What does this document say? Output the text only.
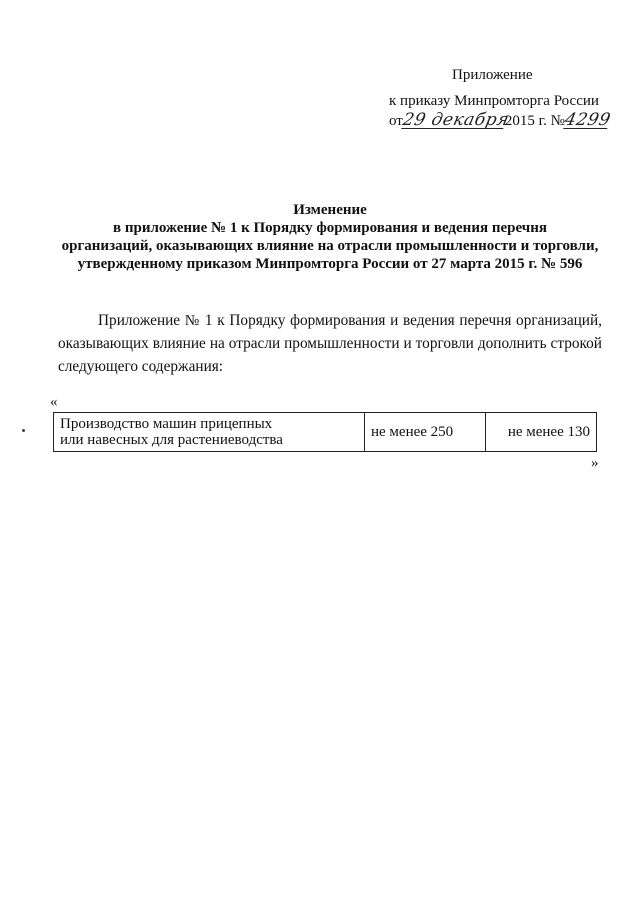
Приложение
к приказу Минпромторга России
от
29 декабря
2015 г. №
4299
Изменение
в приложение № 1 к Порядку формирования и ведения перечня
организаций, оказывающих влияние на отрасли промышленности и торговли,
утвержденному приказом Минпромторга России от 27 марта 2015 г. № 596
Приложение № 1 к Порядку формирования и ведения перечня организаций, оказывающих влияние на отрасли промышленности и торговли дополнить строкой следующего содержания:
«
Производство машин прицепных
или навесных для растениеводства	не менее 250	не менее 130
»
